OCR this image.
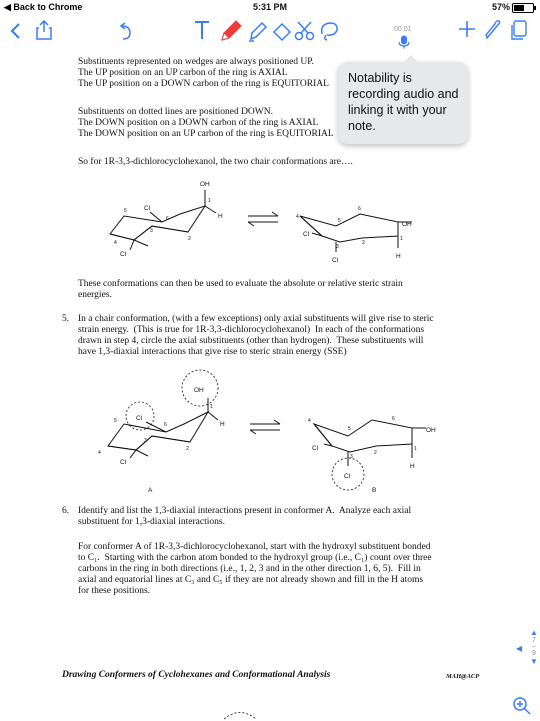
◀ Back to Chrome	5:31 PM	57%
00:01
Substituents represented on wedges are always positioned UP.
The UP position on an UP carbon of the ring is AXIAL
The UP position on a DOWN carbon of the ring is EQUITORIAL
Substituents on dotted lines are positioned DOWN.
The DOWN position on a DOWN carbon of the ring is AXIAL
The DOWN position on an UP carbon of the ring is EQUITORIAL
So for 1R-3,3-dichlorocyclohexanol, the two chair conformations are….
OH
Cl
Cl
H
OH
Cl
Cl
H
1
2
3
4
5
6
1
2
3
4
5
6
These conformations can then be used to evaluate the absolute or relative steric strain
energies.
5. In a chair conformation, (with a few exceptions) only axial substituents will give rise to steric
strain energy.  (This is true for 1R-3,3-dichlorocyclohexanol)  In each of the conformations
drawn in step 4, circle the axial substituents (other than hydrogen).  These substituents will
have 1,3-diaxial interactions that give rise to steric strain energy (SSE)
OH
Cl
Cl
H
OH
Cl
Cl
H
A	B
1
2
3
4
5
6
1
2
3
4
5
6
6. Identify and list the 1,3-diaxial interactions present in conformer A.  Analyze each axial
substituent for 1,3-diaxial interactions.
For conformer A of 1R-3,3-dichlorocyclohexanol, start with the hydroxyl substituent bonded
to C₁.  Starting with the carbon atom bonded to the hydroxyl group (i.e., C₁) count over three
carbons in the ring in both directions (i.e., 1, 2, 3 and in the other direction 1, 6, 5).  Fill in
axial and equatorial lines at C₃ and C₅ if they are not already shown and fill in the H atoms
for these positions.
Drawing Conformers of Cyclohexanes and Conformational Analysis	MAH@ACP
Notability is recording audio and linking it with your note.
▲
7
–
9
▼
◀
